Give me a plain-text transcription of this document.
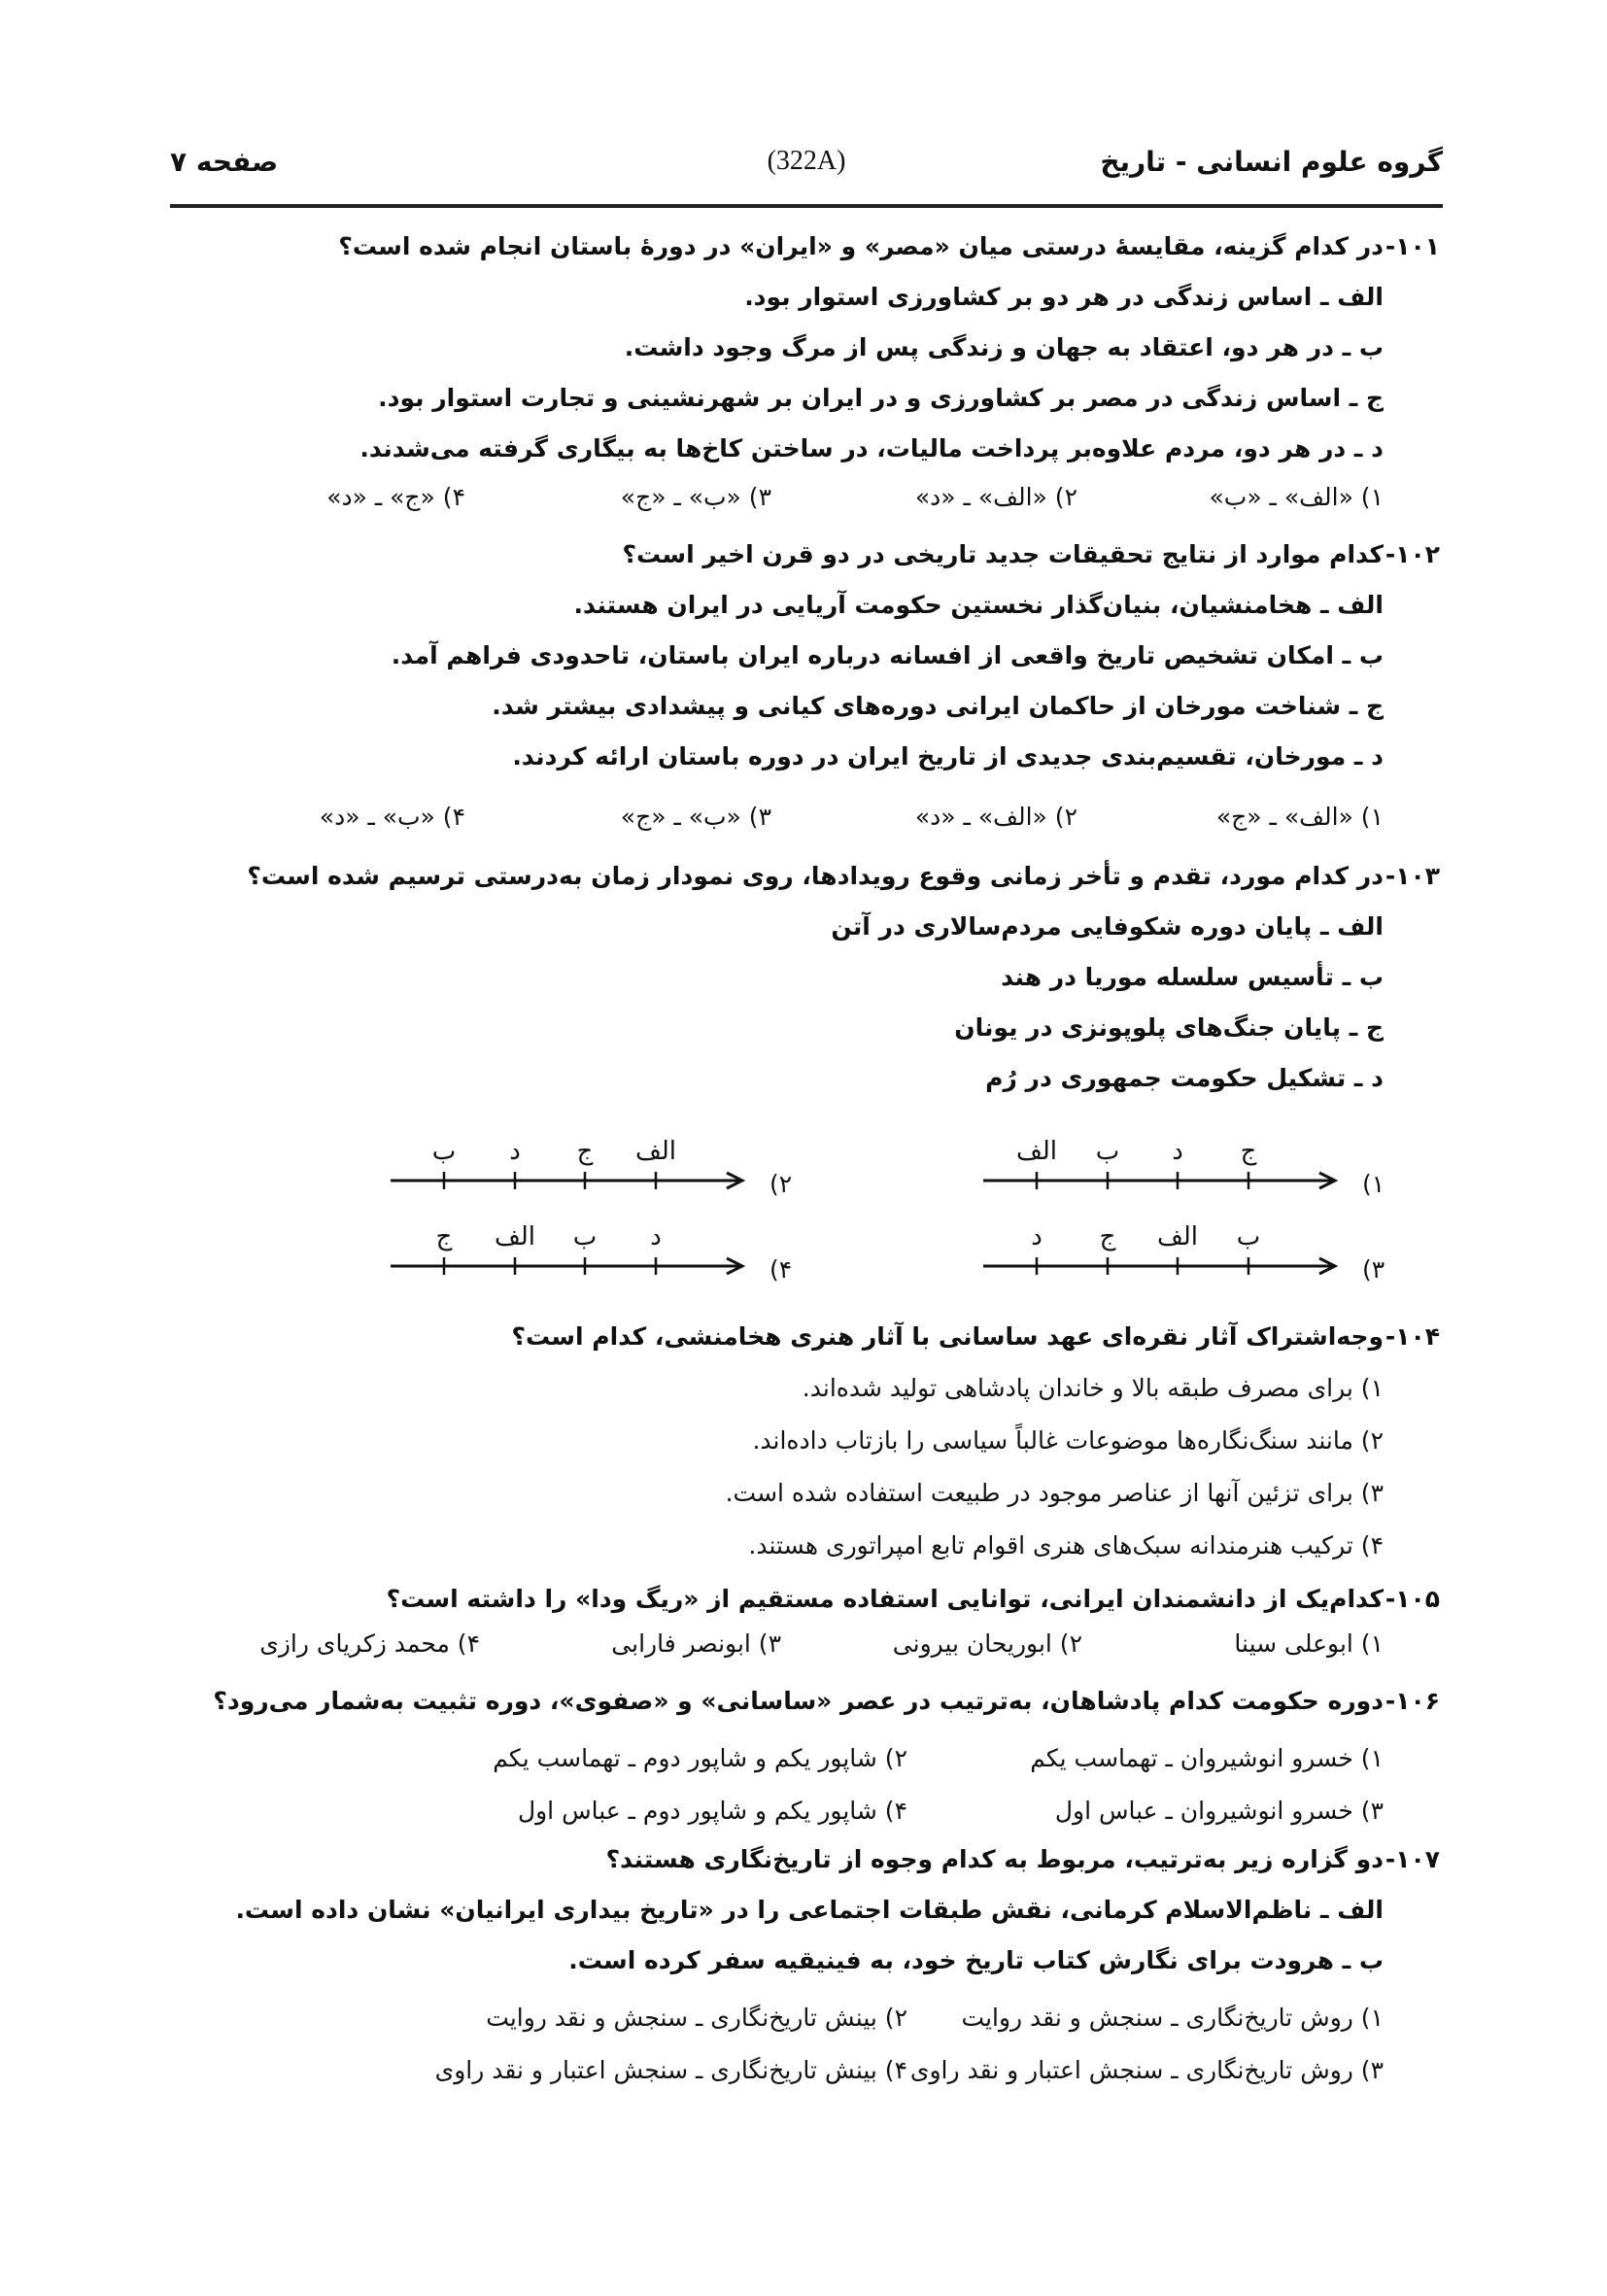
گروه علوم انسانی - تاریخ
(322A)
صفحه ۷
۱۰۱-
در کدام گزینه، مقایسهٔ درستی میان «مصر» و «ایران» در دورهٔ باستان انجام شده است؟
الف ـ اساس زندگی در هر دو بر کشاورزی استوار بود.
ب ـ در هر دو، اعتقاد به جهان و زندگی پس از مرگ وجود داشت.
ج ـ اساس زندگی در مصر بر کشاورزی و در ایران بر شهرنشینی و تجارت استوار بود.
د ـ در هر دو، مردم علاوه‌بر پرداخت مالیات، در ساختن کاخ‌ها به بیگاری گرفته می‌شدند.
۱) «الف» ـ «ب»
۲) «الف» ـ «د»
۳) «ب» ـ «ج»
۴) «ج» ـ «د»
۱۰۲-
کدام موارد از نتایج تحقیقات جدید تاریخی در دو قرن اخیر است؟
الف ـ هخامنشیان، بنیان‌گذار نخستین حکومت آریایی در ایران هستند.
ب ـ امکان تشخیص تاریخ واقعی از افسانه درباره ایران باستان، تاحدودی فراهم آمد.
ج ـ شناخت مورخان از حاکمان ایرانی دوره‌های کیانی و پیشدادی بیشتر شد.
د ـ مورخان، تقسیم‌بندی جدیدی از تاریخ ایران در دوره باستان ارائه کردند.
۱) «الف» ـ «ج»
۲) «الف» ـ «د»
۳) «ب» ـ «ج»
۴) «ب» ـ «د»
۱۰۳-
در کدام مورد، تقدم و تأخر زمانی وقوع رویدادها، روی نمودار زمان به‌درستی ترسیم شده است؟
الف ـ پایان دوره شکوفایی مردم‌سالاری در آتن
ب ـ تأسیس سلسله موریا در هند
ج ـ پایان جنگ‌های پلوپونزی در یونان
د ـ تشکیل حکومت جمهوری در رُم
الف ب د ج
۱)
ب د ج الف
۲)
د ج الف ب
۳)
ج الف ب د
۴)
۱۰۴-
وجه‌اشتراک آثار نقره‌ای عهد ساسانی با آثار هنری هخامنشی، کدام است؟
۱) برای مصرف طبقه بالا و خاندان پادشاهی تولید شده‌اند.
۲) مانند سنگ‌نگاره‌ها موضوعات غالباً سیاسی را بازتاب داده‌اند.
۳) برای تزئین آنها از عناصر موجود در طبیعت استفاده شده است.
۴) ترکیب هنرمندانه سبک‌های هنری اقوام تابع امپراتوری هستند.
۱۰۵-
کدام‌یک از دانشمندان ایرانی، توانایی استفاده مستقیم از «ریگ ودا» را داشته است؟
۱) ابوعلی سینا
۲) ابوریحان بیرونی
۳) ابونصر فارابی
۴) محمد زکریای رازی
۱۰۶-
دوره حکومت کدام پادشاهان، به‌ترتیب در عصر «ساسانی» و «صفوی»، دوره تثبیت به‌شمار می‌رود؟
۱) خسرو انوشیروان ـ تهماسب یکم
۲) شاپور یکم و شاپور دوم ـ تهماسب یکم
۳) خسرو انوشیروان ـ عباس اول
۴) شاپور یکم و شاپور دوم ـ عباس اول
۱۰۷-
دو گزاره زیر به‌ترتیب، مربوط به کدام وجوه از تاریخ‌نگاری هستند؟
الف ـ ناظم‌الاسلام کرمانی، نقش طبقات اجتماعی را در «تاریخ بیداری ایرانیان» نشان داده است.
ب ـ هرودت برای نگارش کتاب تاریخ خود، به فینیقیه سفر کرده است.
۱) روش تاریخ‌نگاری ـ سنجش و نقد روایت
۲) بینش تاریخ‌نگاری ـ سنجش و نقد روایت
۳) روش تاریخ‌نگاری ـ سنجش اعتبار و نقد راوی
۴) بینش تاریخ‌نگاری ـ سنجش اعتبار و نقد راوی
